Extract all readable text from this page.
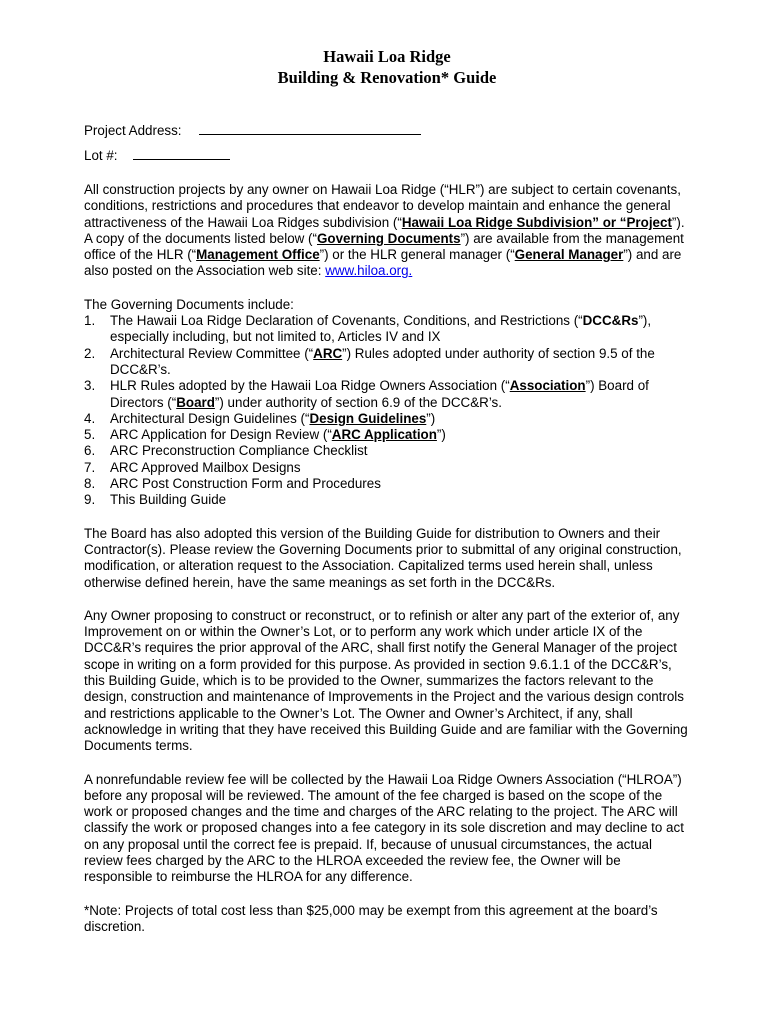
Hawaii Loa Ridge
Building & Renovation* Guide
Project Address:
Lot #:

All construction projects by any owner on Hawaii Loa Ridge (“HLR”) are subject to certain covenants, conditions, restrictions and procedures that endeavor to develop maintain and enhance the general attractiveness of the Hawaii Loa Ridges subdivision (“Hawaii Loa Ridge Subdivision” or “Project”). A copy of the documents listed below (“Governing Documents”) are available from the management office of the HLR (“Management Office”) or the HLR general manager (“General Manager”) and are also posted on the Association web site: www.hiloa.org.

The Governing Documents include:

1. The Hawaii Loa Ridge Declaration of Covenants, Conditions, and Restrictions (“DCC&Rs”), especially including, but not limited to, Articles IV and IX
2. Architectural Review Committee (“ARC”) Rules adopted under authority of section 9.5 of the DCC&R’s.
3. HLR Rules adopted by the Hawaii Loa Ridge Owners Association (“Association”) Board of Directors (“Board”) under authority of section 6.9 of the DCC&R’s.
4. Architectural Design Guidelines (“Design Guidelines”)
5. ARC Application for Design Review (“ARC Application”)
6. ARC Preconstruction Compliance Checklist
7. ARC Approved Mailbox Designs
8. ARC Post Construction Form and Procedures
9. This Building Guide

The Board has also adopted this version of the Building Guide for distribution to Owners and their Contractor(s). Please review the Governing Documents prior to submittal of any original construction, modification, or alteration request to the Association. Capitalized terms used herein shall, unless otherwise defined herein, have the same meanings as set forth in the DCC&Rs.

Any Owner proposing to construct or reconstruct, or to refinish or alter any part of the exterior of, any Improvement on or within the Owner’s Lot, or to perform any work which under article IX of the DCC&R’s requires the prior approval of the ARC, shall first notify the General Manager of the project scope in writing on a form provided for this purpose. As provided in section 9.6.1.1 of the DCC&R’s, this Building Guide, which is to be provided to the Owner, summarizes the factors relevant to the design, construction and maintenance of Improvements in the Project and the various design controls and restrictions applicable to the Owner’s Lot. The Owner and Owner’s Architect, if any, shall acknowledge in writing that they have received this Building Guide and are familiar with the Governing Documents terms.

A nonrefundable review fee will be collected by the Hawaii Loa Ridge Owners Association (“HLROA”) before any proposal will be reviewed. The amount of the fee charged is based on the scope of the work or proposed changes and the time and charges of the ARC relating to the project. The ARC will classify the work or proposed changes into a fee category in its sole discretion and may decline to act on any proposal until the correct fee is prepaid. If, because of unusual circumstances, the actual review fees charged by the ARC to the HLROA exceeded the review fee, the Owner will be responsible to reimburse the HLROA for any difference.

*Note: Projects of total cost less than $25,000 may be exempt from this agreement at the board’s discretion.
